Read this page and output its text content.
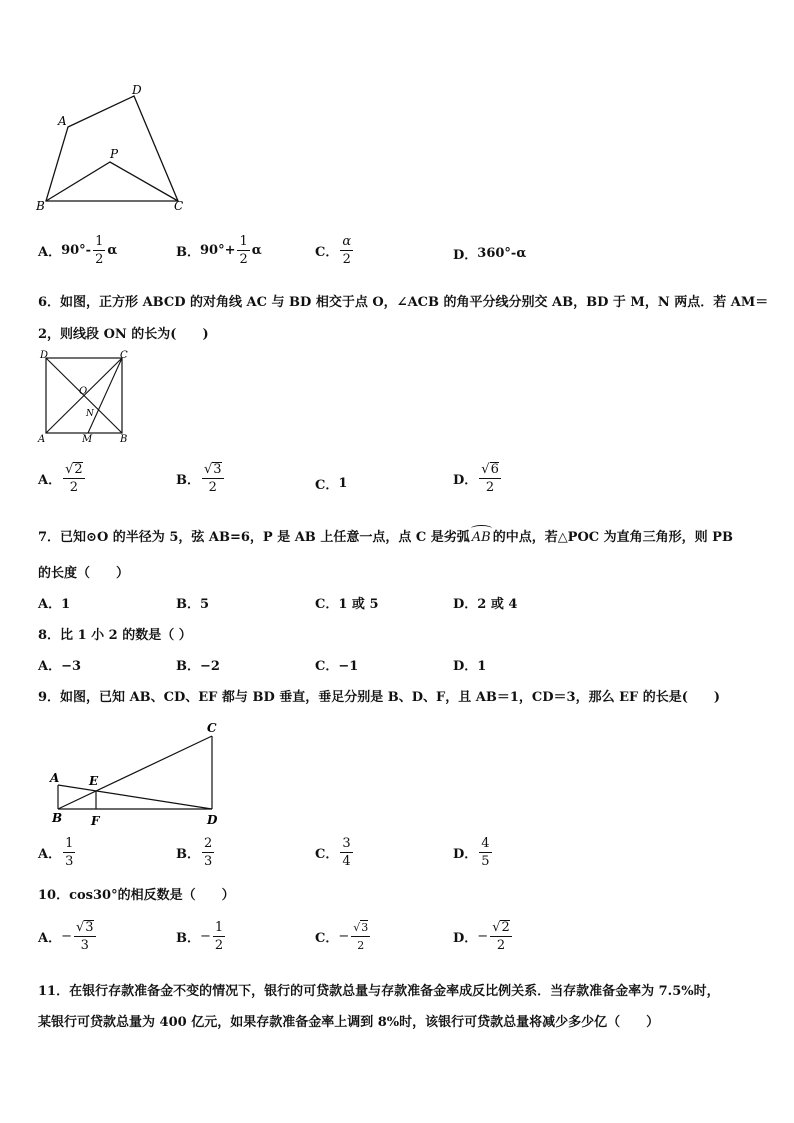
A
D
P
B	C
A． $90^\circ- \frac{1}{2}$ α	B． $90^\circ+ \frac{1}{2}$ α	C． $\frac{\alpha}{2}$	D． 360°-α
6．如图，正方形 ABCD 的对角线 AC 与 BD 相交于点 O，∠ACB 的角平分线分别交 AB，BD 于 M，N 两点．若 AM＝
2，则线段 ON 的长为(　　)
D	C
O
N
A	M	B
A． $\frac{√2}{2}$	B． $\frac{√3}{2}$	C． 1	D． $\frac{√6}{2}$
7．已知⊙O 的半径为 5，弦 AB=6，P 是 AB 上任意一点，点 C 是劣弧 AB 的中点，若△POC 为直角三角形，则 PB
的长度（　　）
A．1	B．5	C．1 或 5	D．2 或 4
8．比 1 小 2 的数是（ ）
A．−3	B．−2	C．−1	D．1
9．如图，已知 AB、CD、EF 都与 BD 垂直，垂足分别是 B、D、F，且 AB＝1，CD＝3，那么 EF 的长是(　　)
C
A E
B F	D
A． $\frac{1}{3}$	B． $\frac{2}{3}$	C． $\frac{3}{4}$	D． $\frac{4}{5}$
10．cos30°的相反数是（　　）
A． − $\frac{√3}{3}$	B． − $\frac{1}{2}$	C． − $\frac{√3}{2}$	D． − $\frac{√2}{2}$
11．在银行存款准备金不变的情况下，银行的可贷款总量与存款准备金率成反比例关系．当存款准备金率为 7.5%时，
某银行可贷款总量为 400 亿元，如果存款准备金率上调到 8%时，该银行可贷款总量将减少多少亿（　　）
